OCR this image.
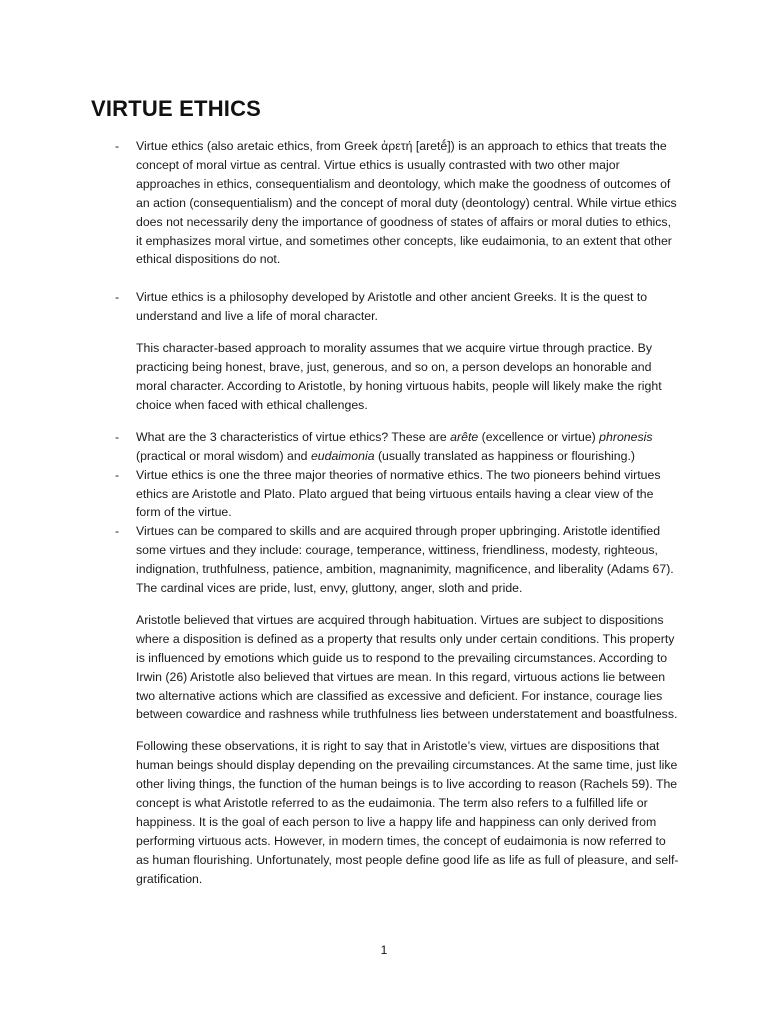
VIRTUE ETHICS
- Virtue ethics (also aretaic ethics, from Greek ἀρετή [aretḗ]) is an approach to ethics that treats the concept of moral virtue as central. Virtue ethics is usually contrasted with two other major approaches in ethics, consequentialism and deontology, which make the goodness of outcomes of an action (consequentialism) and the concept of moral duty (deontology) central. While virtue ethics does not necessarily deny the importance of goodness of states of affairs or moral duties to ethics, it emphasizes moral virtue, and sometimes other concepts, like eudaimonia, to an extent that other ethical dispositions do not.
- Virtue ethics is a philosophy developed by Aristotle and other ancient Greeks. It is the quest to understand and live a life of moral character.

This character-based approach to morality assumes that we acquire virtue through practice. By practicing being honest, brave, just, generous, and so on, a person develops an honorable and moral character. According to Aristotle, by honing virtuous habits, people will likely make the right choice when faced with ethical challenges.

- What are the 3 characteristics of virtue ethics? These are arête (excellence or virtue) phronesis (practical or moral wisdom) and eudaimonia (usually translated as happiness or flourishing.)
- Virtue ethics is one the three major theories of normative ethics. The two pioneers behind virtues ethics are Aristotle and Plato. Plato argued that being virtuous entails having a clear view of the form of the virtue.
- Virtues can be compared to skills and are acquired through proper upbringing. Aristotle identified some virtues and they include: courage, temperance, wittiness, friendliness, modesty, righteous, indignation, truthfulness, patience, ambition, magnanimity, magnificence, and liberality (Adams 67). The cardinal vices are pride, lust, envy, gluttony, anger, sloth and pride.

Aristotle believed that virtues are acquired through habituation. Virtues are subject to dispositions where a disposition is defined as a property that results only under certain conditions. This property is influenced by emotions which guide us to respond to the prevailing circumstances. According to Irwin (26) Aristotle also believed that virtues are mean. In this regard, virtuous actions lie between two alternative actions which are classified as excessive and deficient. For instance, courage lies between cowardice and rashness while truthfulness lies between understatement and boastfulness.

Following these observations, it is right to say that in Aristotle’s view, virtues are dispositions that human beings should display depending on the prevailing circumstances. At the same time, just like other living things, the function of the human beings is to live according to reason (Rachels 59). The concept is what Aristotle referred to as the eudaimonia. The term also refers to a fulfilled life or happiness. It is the goal of each person to live a happy life and happiness can only derived from performing virtuous acts. However, in modern times, the concept of eudaimonia is now referred to as human flourishing. Unfortunately, most people define good life as life as full of pleasure, and self-gratification.

1
